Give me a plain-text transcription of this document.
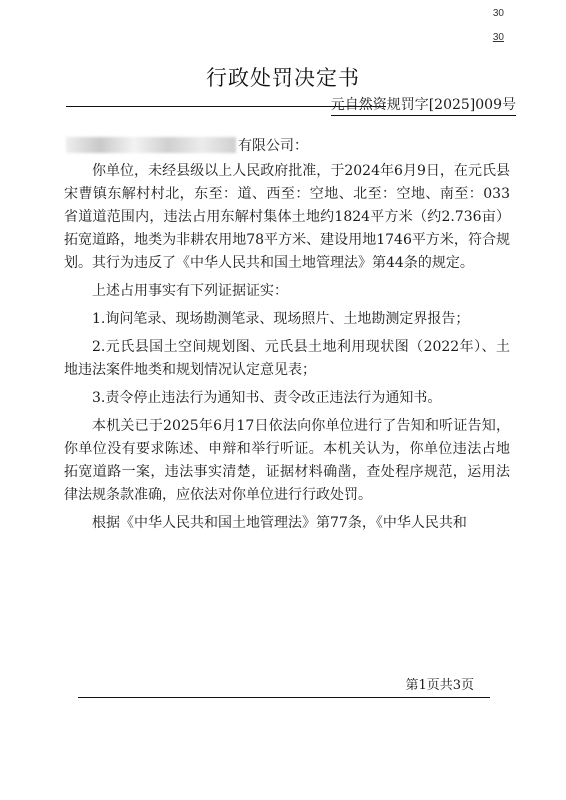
30
30
行政处罚决定书
元自然资规罚字[2025]009号
有限公司：

你单位，未经县级以上人民政府批准，于2024年6月9日，在元氏县宋曹镇东解村村北，东至：道、西至：空地、北至：空地、南至：033省道道范围内，违法占用东解村集体土地约1824平方米（约2.736亩）拓宽道路，地类为非耕农用地78平方米、建设用地1746平方米，符合规划。其行为违反了《中华人民共和国土地管理法》第44条的规定。

上述占用事实有下列证据证实：

1.询问笔录、现场勘测笔录、现场照片、土地勘测定界报告；

2.元氏县国土空间规划图、元氏县土地利用现状图（2022年）、土地违法案件地类和规划情况认定意见表；

3.责令停止违法行为通知书、责令改正违法行为通知书。

本机关已于2025年6月17日依法向你单位进行了告知和听证告知，你单位没有要求陈述、申辩和举行听证。本机关认为，你单位违法占地拓宽道路一案，违法事实清楚，证据材料确凿，查处程序规范，运用法律法规条款准确，应依法对你单位进行行政处罚。

根据《中华人民共和国土地管理法》第77条，《中华人民共和

第1页共3页
